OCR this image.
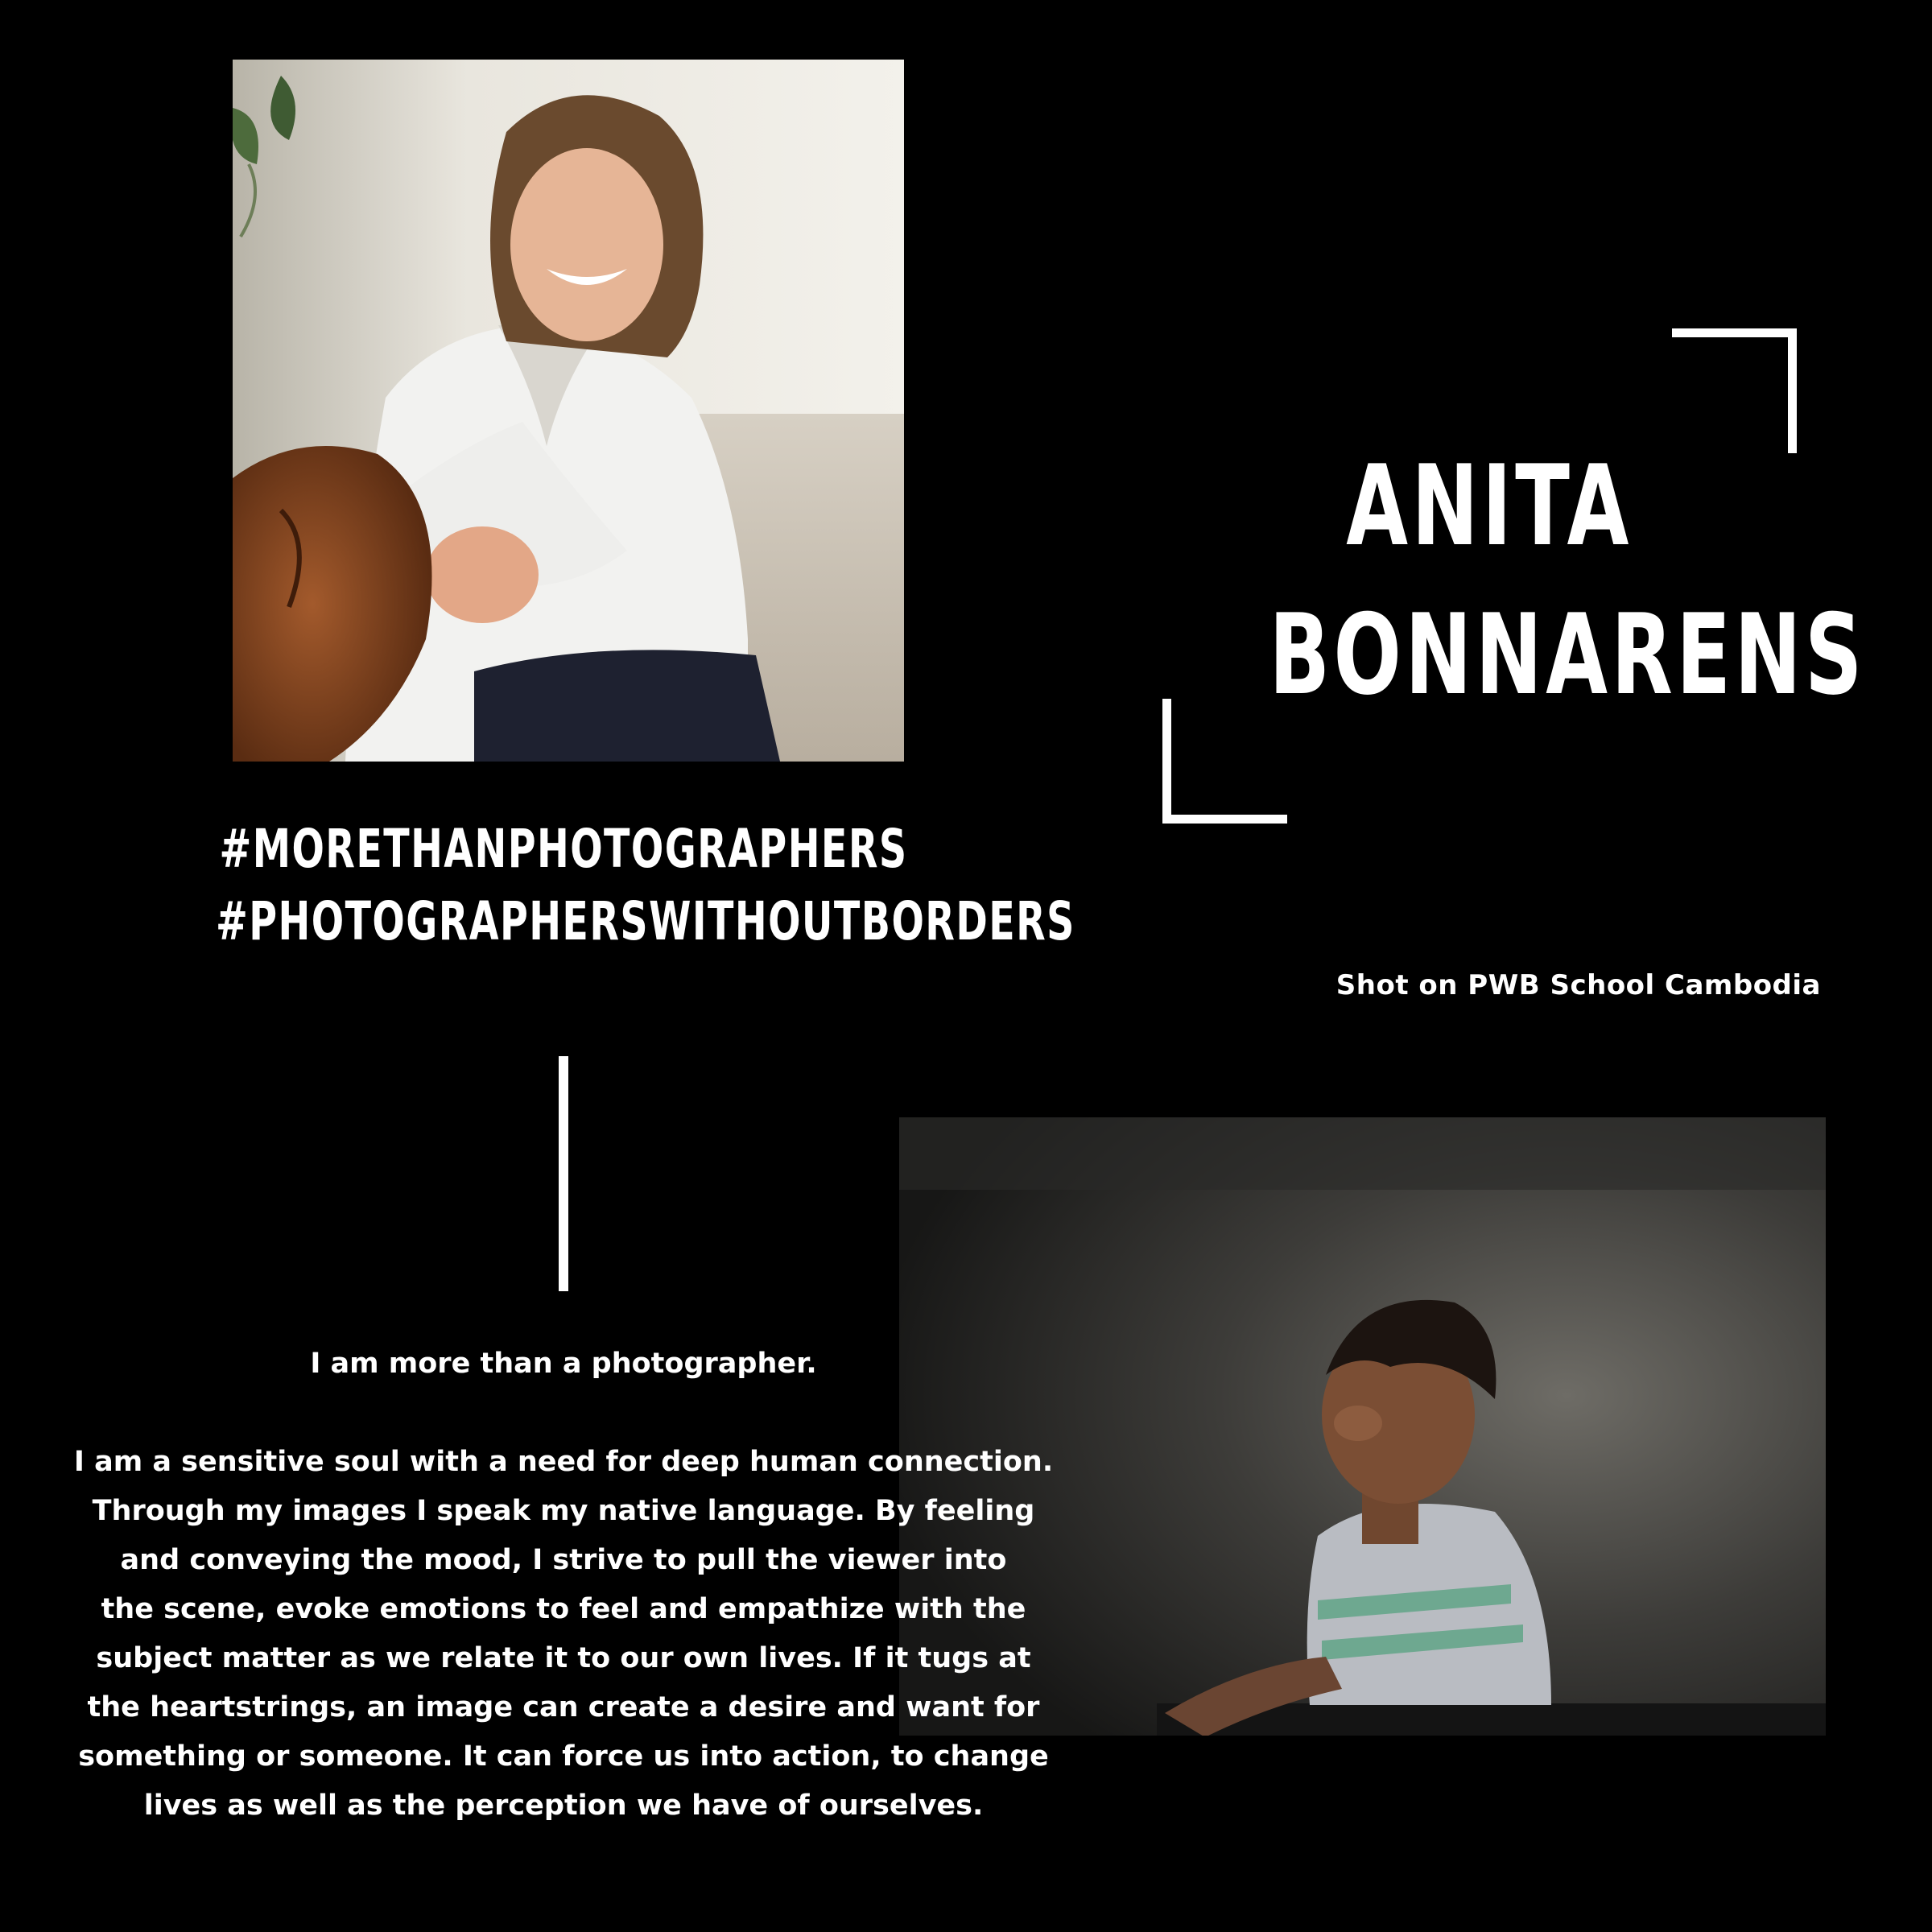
ANITA
BONNARENS
#MORETHANPHOTOGRAPHERS
#PHOTOGRAPHERSWITHOUTBORDERS
Shot on PWB School Cambodia
I am more than a photographer.
I am a sensitive soul with a need for deep human connection.
Through my images I speak my native language. By feeling
and conveying the mood, I strive to pull the viewer into
the scene, evoke emotions to feel and empathize with the
subject matter as we relate it to our own lives. If it tugs at
the heartstrings, an image can create a desire and want for
something or someone. It can force us into action, to change
lives as well as the perception we have of ourselves.
